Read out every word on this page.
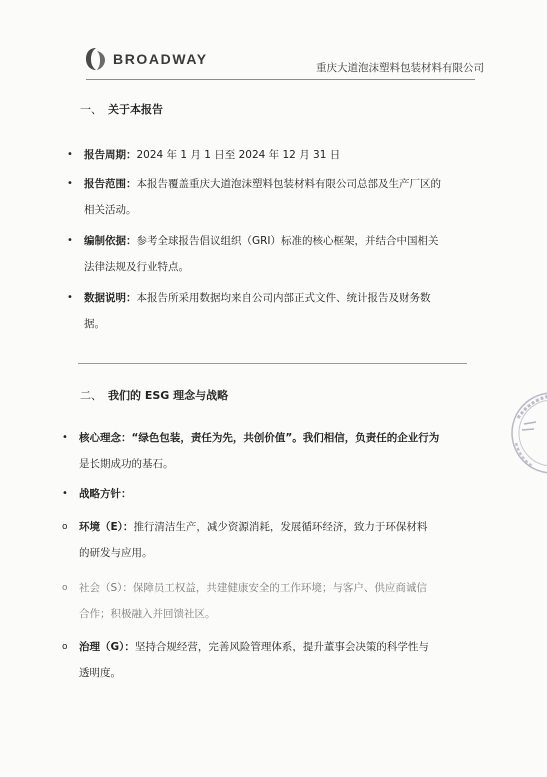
BROADWAY
重庆大道泡沫塑料包装材料有限公司
一、 关于本报告
• 报告周期：2024 年 1 月 1 日至 2024 年 12 月 31 日
• 报告范围：本报告覆盖重庆大道泡沫塑料包装材料有限公司总部及生产厂区的
相关活动。
• 编制依据：参考全球报告倡议组织（GRI）标准的核心框架，并结合中国相关
法律法规及行业特点。
• 数据说明：本报告所采用数据均来自公司内部正式文件、统计报告及财务数
据。
二、 我们的 ESG 理念与战略
• 核心理念：“绿色包装，责任为先，共创价值”。我们相信，负责任的企业行为
是长期成功的基石。
• 战略方针：
o 环境（E）：推行清洁生产，减少资源消耗，发展循环经济，致力于环保材料
的研发与应用。
o 社会（S）：保障员工权益，共建健康安全的工作环境；与客户、供应商诚信
合作；积极融入并回馈社区。
o 治理（G）：坚持合规经营，完善风险管理体系，提升董事会决策的科学性与
透明度。
